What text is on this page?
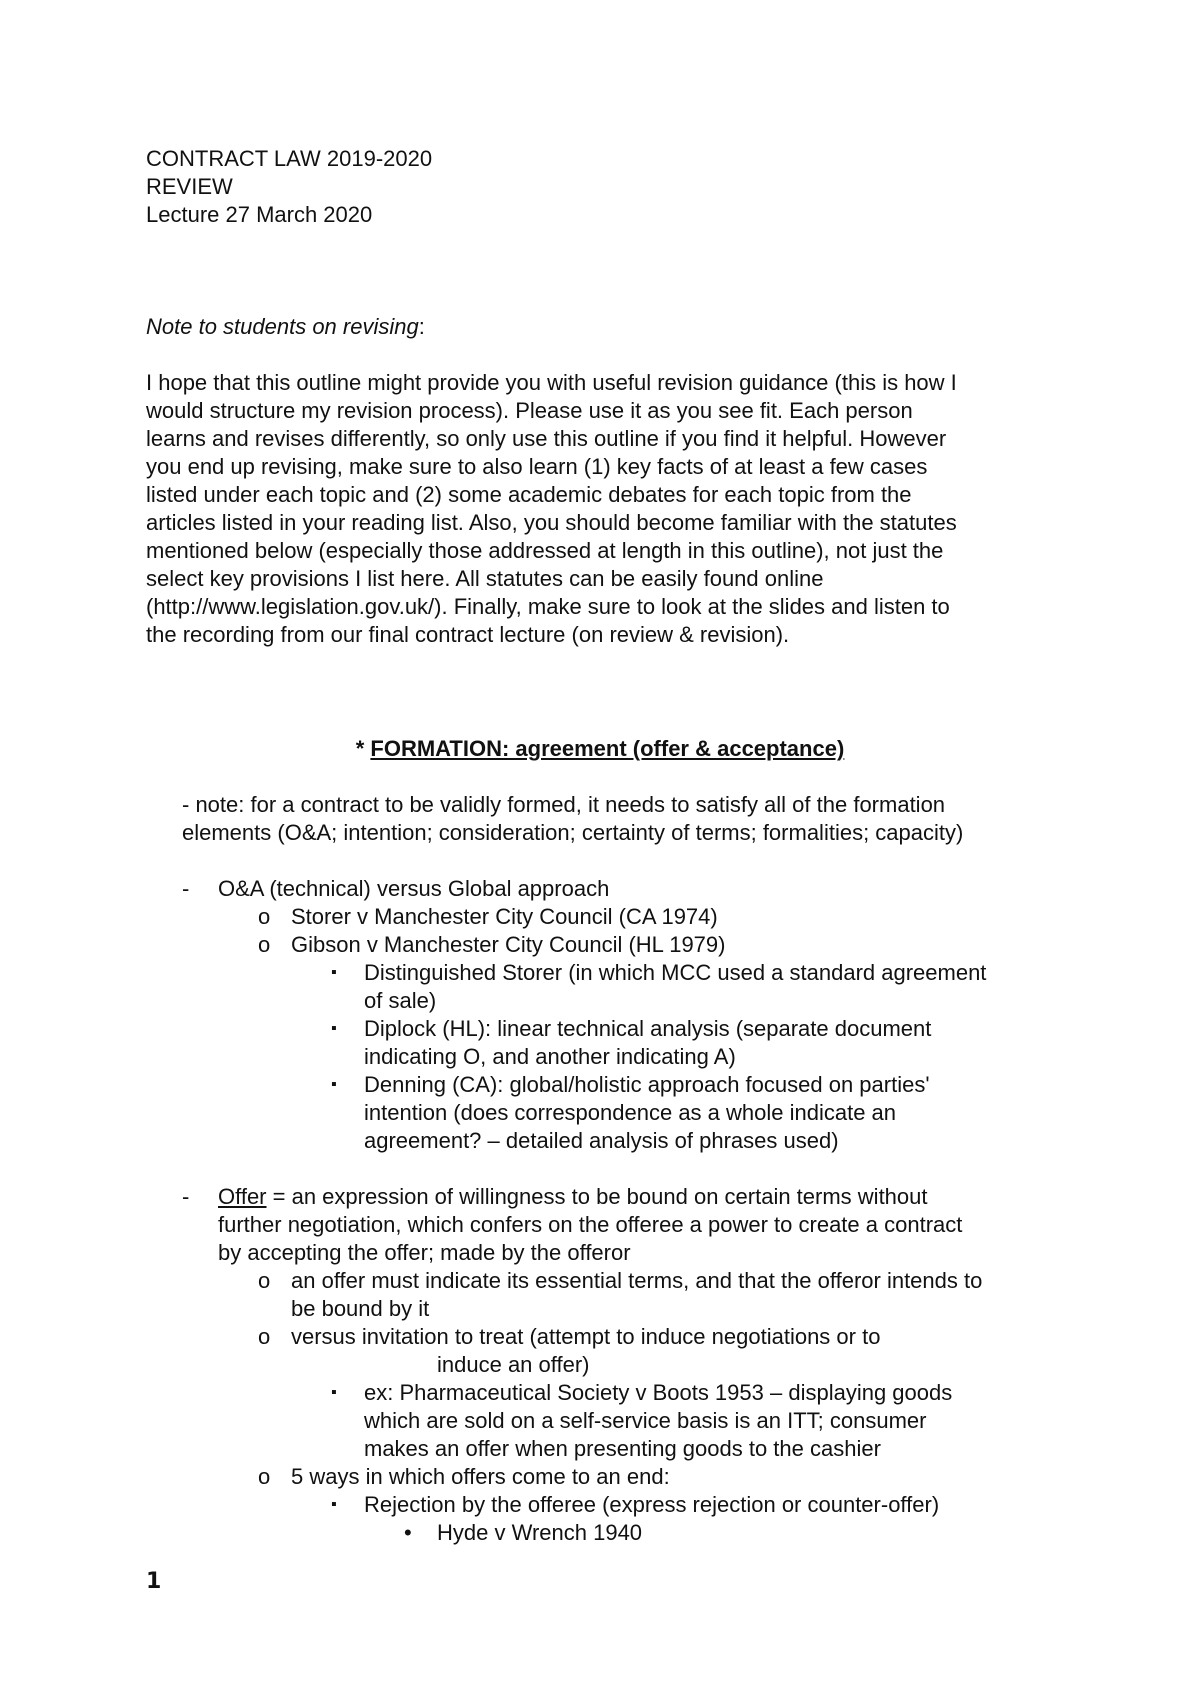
CONTRACT LAW 2019-2020

REVIEW

Lecture 27 March 2020

Note to students on revising:

I hope that this outline might provide you with useful revision guidance (this is how I

would structure my revision process). Please use it as you see fit. Each person

learns and revises differently, so only use this outline if you find it helpful. However

you end up revising, make sure to also learn (1) key facts of at least a few cases

listed under each topic and (2) some academic debates for each topic from the

articles listed in your reading list. Also, you should become familiar with the statutes

mentioned below (especially those addressed at length in this outline), not just the

select key provisions I list here. All statutes can be easily found online

(http://www.legislation.gov.uk/). Finally, make sure to look at the slides and listen to

the recording from our final contract lecture (on review & revision).

* FORMATION: agreement (offer & acceptance)

- note: for a contract to be validly formed, it needs to satisfy all of the formation

elements (O&A; intention; consideration; certainty of terms; formalities; capacity)

- O&A (technical) versus Global approach
o Storer v Manchester City Council (CA 1974)
o Gibson v Manchester City Council (HL 1979)
▪ Distinguished Storer (in which MCC used a standard agreement
of sale)
▪ Diplock (HL): linear technical analysis (separate document
indicating O, and another indicating A)
▪ Denning (CA): global/holistic approach focused on parties'
intention (does correspondence as a whole indicate an
agreement? – detailed analysis of phrases used)
- Offer = an expression of willingness to be bound on certain terms without

further negotiation, which confers on the offeree a power to create a contract
by accepting the offer; made by the offeror
o an offer must indicate its essential terms, and that the offeror intends to
be bound by it
o versus invitation to treat (attempt to induce negotiations or to
induce an offer)
▪ ex: Pharmaceutical Society v Boots 1953 – displaying goods
which are sold on a self-service basis is an ITT; consumer
makes an offer when presenting goods to the cashier
o 5 ways in which offers come to an end:
▪ Rejection by the offeree (express rejection or counter-offer)
• Hyde v Wrench 1940
1
